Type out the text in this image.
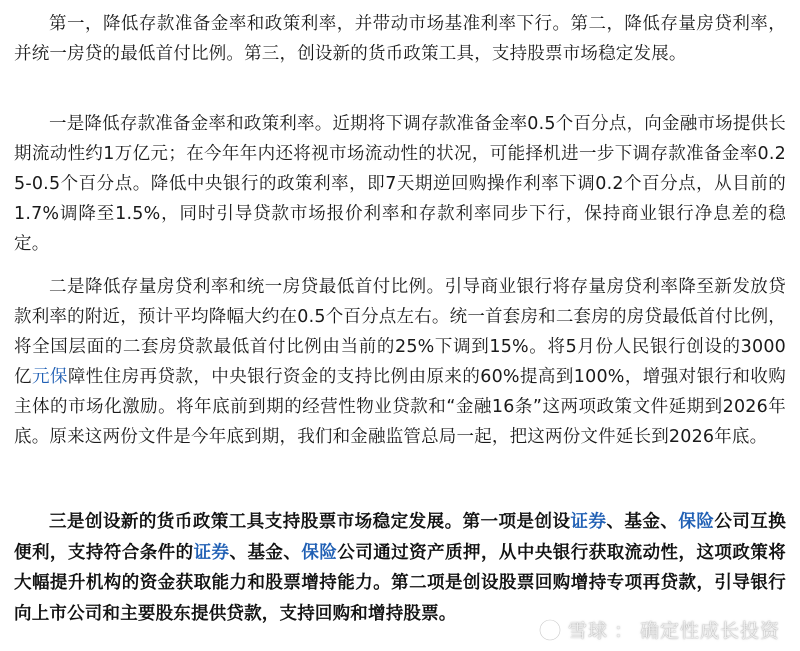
第一，降低存款准备金率和政策利率，并带动市场基准利率下行。第二，降低存量房贷利率，并统一房贷的最低首付比例。第三，创设新的货币政策工具，支持股票市场稳定发展。

一是降低存款准备金率和政策利率。近期将下调存款准备金率0.5个百分点，向金融市场提供长期流动性约1万亿元；在今年年内还将视市场流动性的状况，可能择机进一步下调存款准备金率0.25-0.5个百分点。降低中央银行的政策利率，即7天期逆回购操作利率下调0.2个百分点，从目前的1.7%调降至1.5%，同时引导贷款市场报价利率和存款利率同步下行，保持商业银行净息差的稳定。

二是降低存量房贷利率和统一房贷最低首付比例。引导商业银行将存量房贷利率降至新发放贷款利率的附近，预计平均降幅大约在0.5个百分点左右。统一首套房和二套房的房贷最低首付比例，将全国层面的二套房贷款最低首付比例由当前的25%下调到15%。将5月份人民银行创设的3000亿元保障性住房再贷款，中央银行资金的支持比例由原来的60%提高到100%，增强对银行和收购主体的市场化激励。将年底前到期的经营性物业贷款和“金融16条”这两项政策文件延期到2026年底。原来这两份文件是今年底到期，我们和金融监管总局一起，把这两份文件延长到2026年底。

三是创设新的货币政策工具支持股票市场稳定发展。第一项是创设证券、基金、保险公司互换便利，支持符合条件的证券、基金、保险公司通过资产质押，从中央银行获取流动性，这项政策将大幅提升机构的资金获取能力和股票增持能力。第二项是创设股票回购增持专项再贷款，引导银行向上市公司和主要股东提供贷款，支持回购和增持股票。

雪球 ： 确定性成长投资
